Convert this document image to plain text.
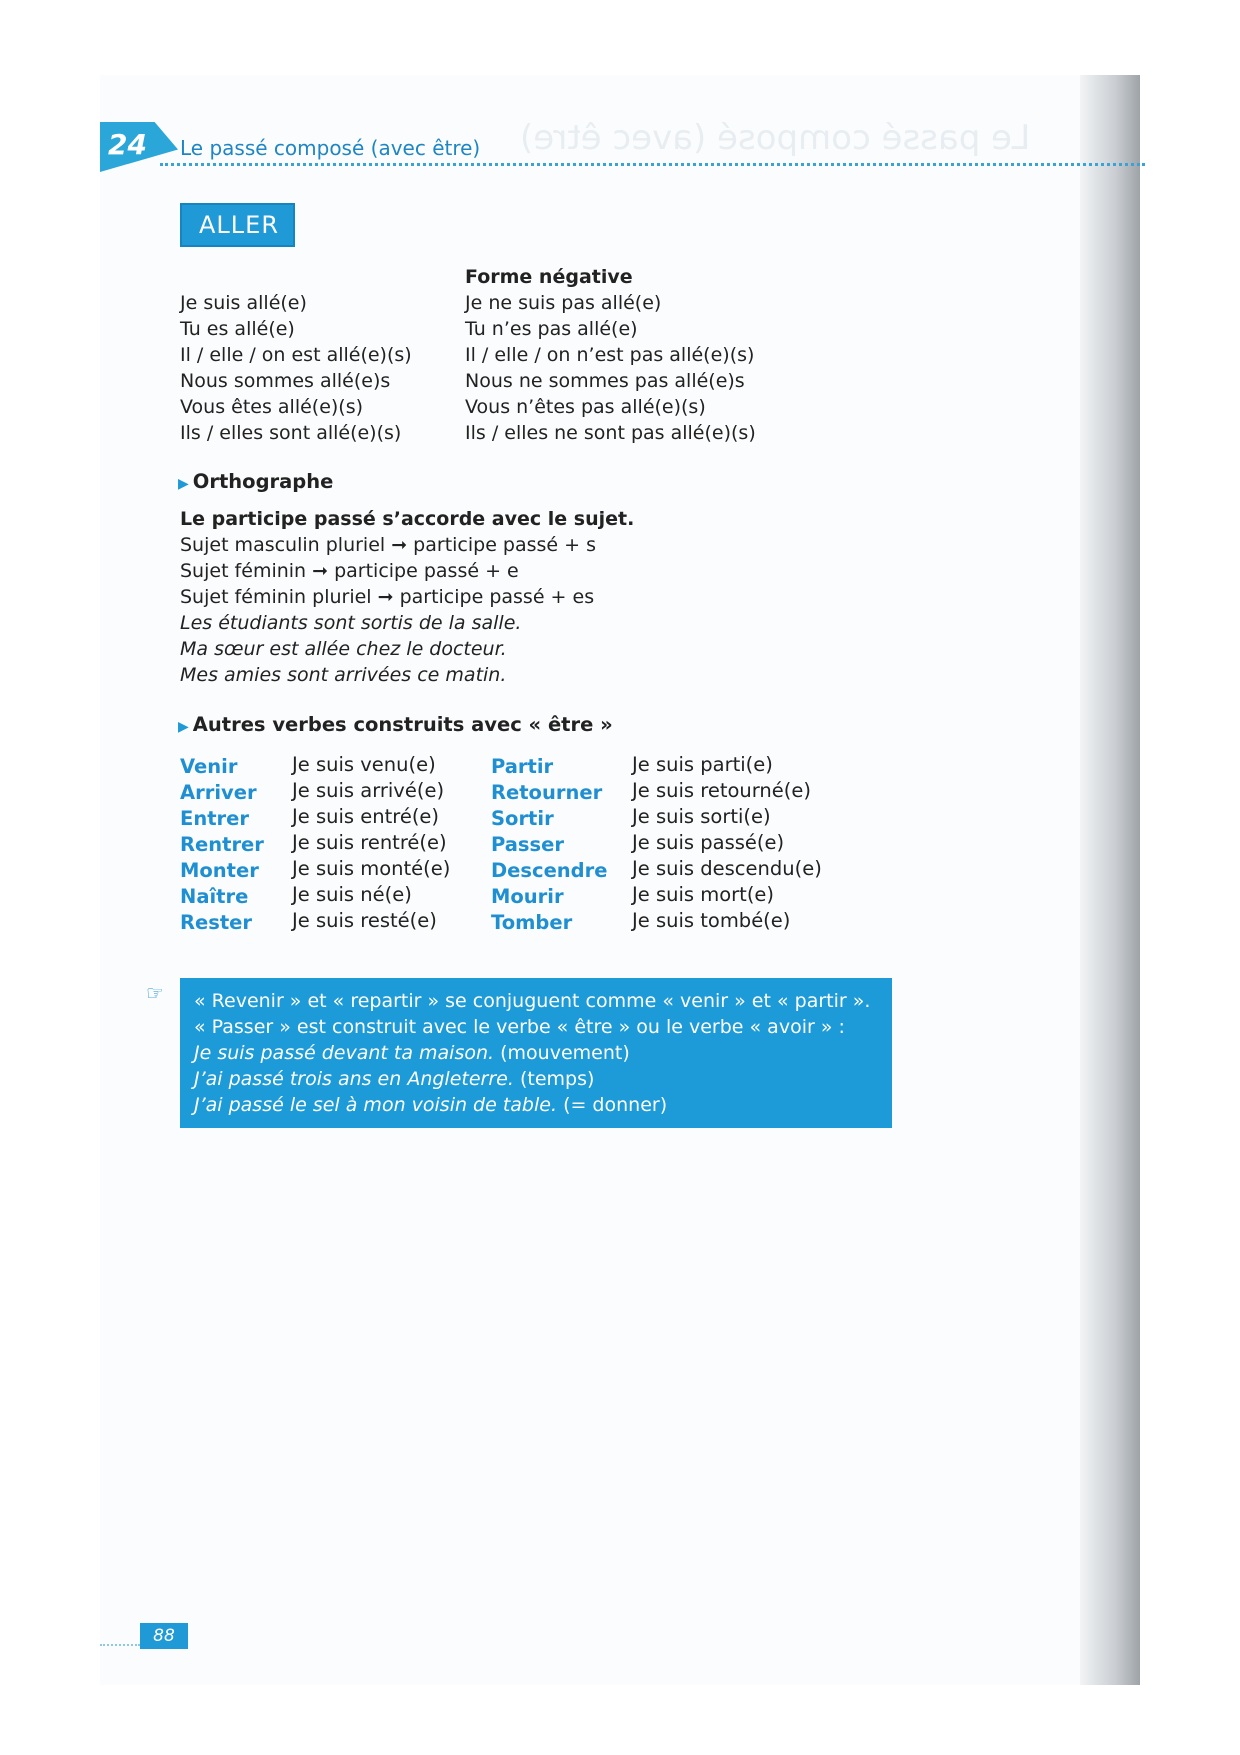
Le passé composé (avec être)
24 Le passé composé (avec être)
ALLER
Je suis allé(e)
Tu es allé(e)
Il / elle / on est allé(e)(s)
Nous sommes allé(e)s
Vous êtes allé(e)(s)
Ils / elles sont allé(e)(s)
Forme négative
Je ne suis pas allé(e)
Tu n’es pas allé(e)
Il / elle / on n’est pas allé(e)(s)
Nous ne sommes pas allé(e)s
Vous n’êtes pas allé(e)(s)
Ils / elles ne sont pas allé(e)(s)
▶ Orthographe
Le participe passé s’accorde avec le sujet.
Sujet masculin pluriel ➞ participe passé + s
Sujet féminin ➞ participe passé + e
Sujet féminin pluriel ➞ participe passé + es
Les étudiants sont sortis de la salle.
Ma sœur est allée chez le docteur.
Mes amies sont arrivées ce matin.
▶ Autres verbes construits avec « être »
Venir
Arriver
Entrer
Rentrer
Monter
Naître
Rester
Je suis venu(e)
Je suis arrivé(e)
Je suis entré(e)
Je suis rentré(e)
Je suis monté(e)
Je suis né(e)
Je suis resté(e)
Partir
Retourner
Sortir
Passer
Descendre
Mourir
Tomber
Je suis parti(e)
Je suis retourné(e)
Je suis sorti(e)
Je suis passé(e)
Je suis descendu(e)
Je suis mort(e)
Je suis tombé(e)
☞ « Revenir » et « repartir » se conjuguent comme « venir » et « partir ».
« Passer » est construit avec le verbe « être » ou le verbe « avoir » :
Je suis passé devant ta maison. (mouvement)
J’ai passé trois ans en Angleterre. (temps)
J’ai passé le sel à mon voisin de table. (= donner)
88
